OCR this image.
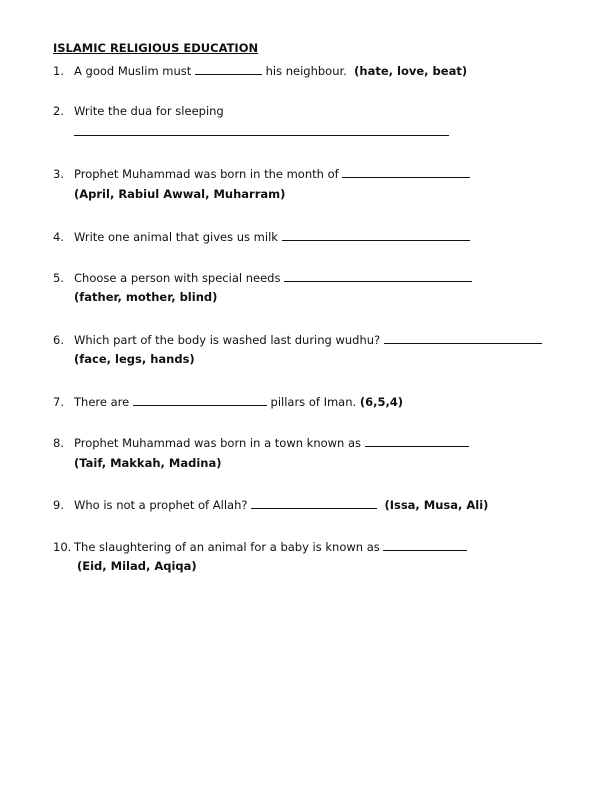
ISLAMIC RELIGIOUS EDUCATION
1. A good Muslim must	his neighbour. (hate, love, beat)
2. Write the dua for sleeping
3. Prophet Muhammad was born in the month of
(April, Rabiul Awwal, Muharram)
4. Write one animal that gives us milk
5. Choose a person with special needs
(father, mother, blind)
6. Which part of the body is washed last during wudhu?
(face, legs, hands)
7. There are	pillars of Iman. (6,5,4)
8. Prophet Muhammad was born in a town known as
(Taif, Makkah, Madina)
9. Who is not a prophet of Allah?	(Issa, Musa, Ali)
10. The slaughtering of an animal for a baby is known as
(Eid, Milad, Aqiqa)
